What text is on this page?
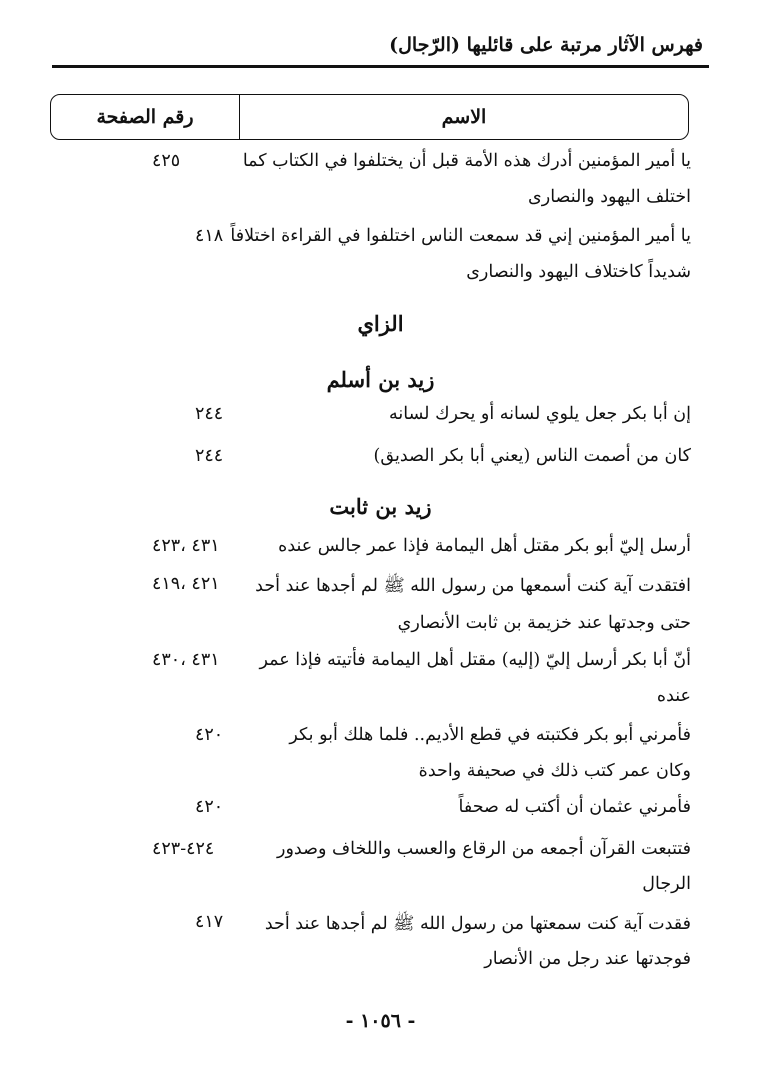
فهرس الآثار مرتبة على قائليها (الرّجال)
الاسم
رقم الصفحة
يا أمير المؤمنين أدرك هذه الأمة قبل أن يختلفوا في الكتاب كما
٤٢٥
اختلف اليهود والنصارى
يا أمير المؤمنين إني قد سمعت الناس اختلفوا في القراءة اختلافاً
٤١٨
شديداً كاختلاف اليهود والنصارى
الزاي
زيد بن أسلم
إن أبا بكر جعل يلوي لسانه أو يحرك لسانه
٢٤٤
كان من أصمت الناس (يعني أبا بكر الصديق)
٢٤٤
زيد بن ثابت
أرسل إليّ أبو بكر مقتل أهل اليمامة فإذا عمر جالس عنده
٤٣١ ،٤٢٣
افتقدت آية كنت أسمعها من رسول الله ﷺ لم أجدها عند أحد
٤٢١ ،٤١٩
حتى وجدتها عند خزيمة بن ثابت الأنصاري
أنّ أبا بكر أرسل إليّ (إليه) مقتل أهل اليمامة فأتيته فإذا عمر
٤٣١ ،٤٣٠
عنده
فأمرني أبو بكر فكتبته في قطع الأديم.. فلما هلك أبو بكر
٤٢٠
وكان عمر كتب ذلك في صحيفة واحدة
فأمرني عثمان أن أكتب له صحفاً
٤٢٠
فتتبعت القرآن أجمعه من الرقاع والعسب واللخاف وصدور
٤٢٤-٤٢٣
الرجال
فقدت آية كنت سمعتها من رسول الله ﷺ لم أجدها عند أحد
٤١٧
فوجدتها عند رجل من الأنصار
- ١٠٥٦ -
